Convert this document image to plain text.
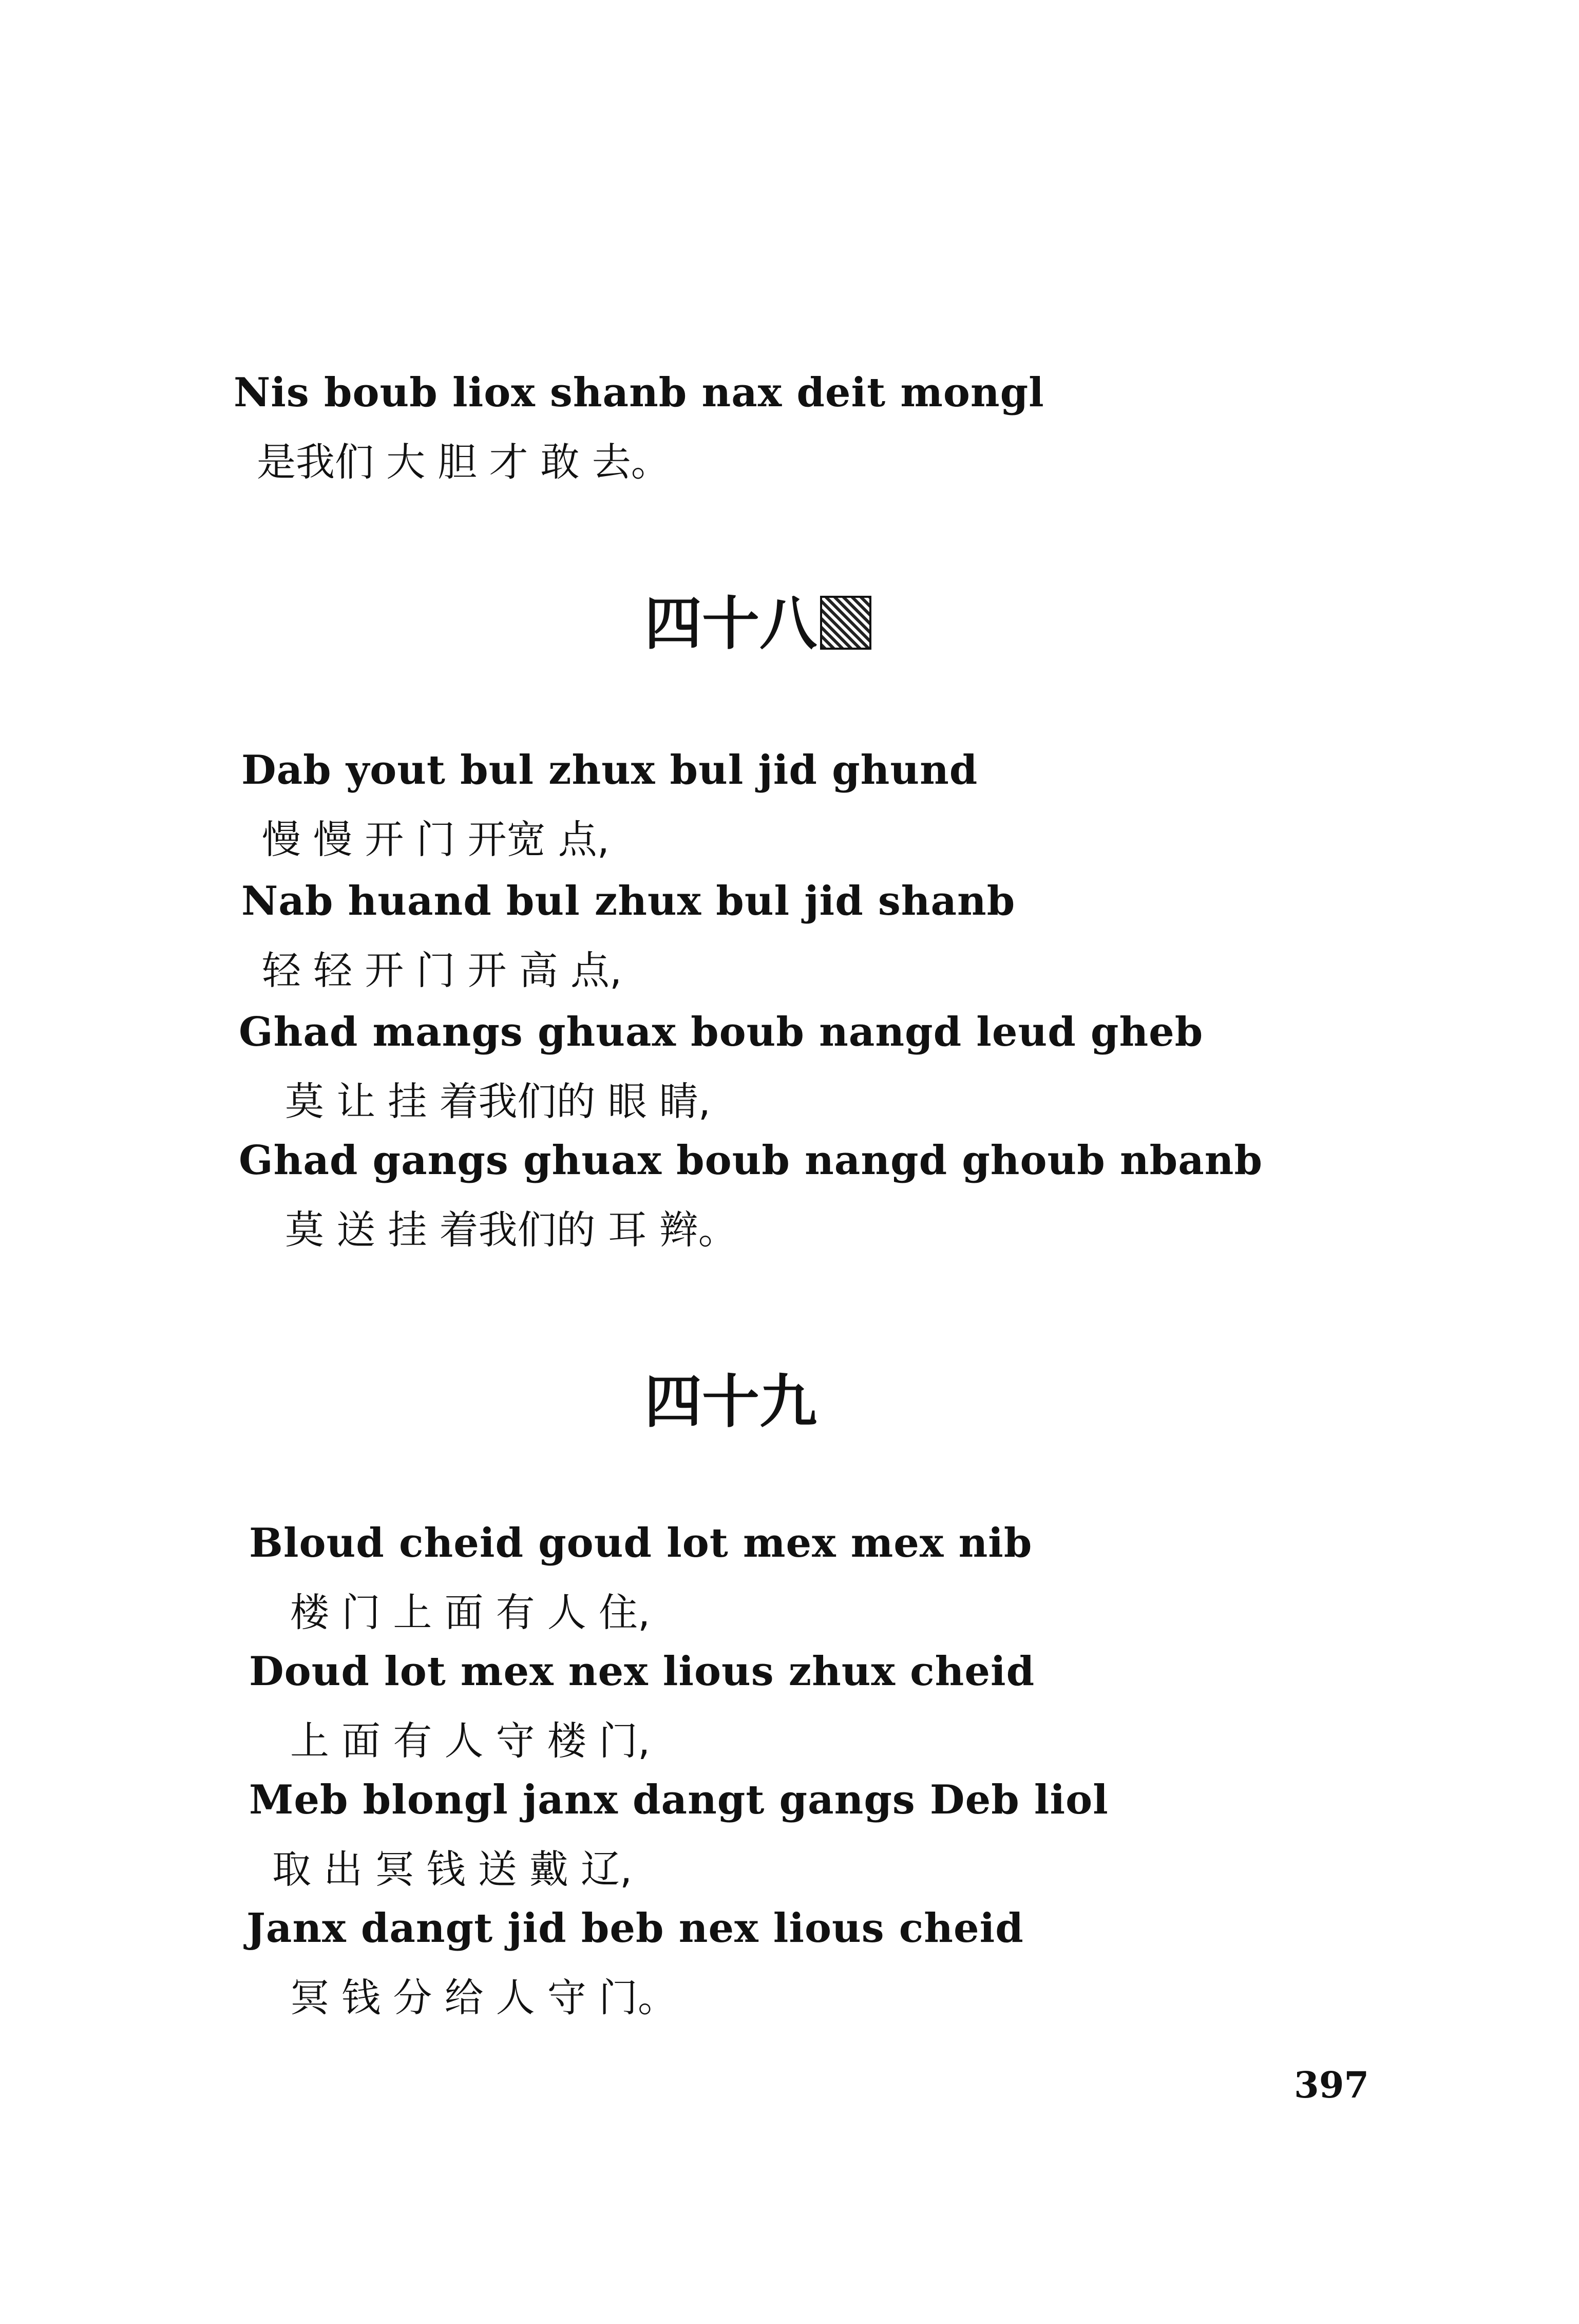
Nis boub liox shanb nax deit mongl
是我们 大 胆 才 敢 去。
四十八
Dab yout bul zhux bul jid ghund
慢 慢 开 门 开宽 点,
Nab huand bul zhux bul jid shanb
轻 轻 开 门 开 高 点,
Ghad mangs ghuax boub nangd leud gheb
莫 让 挂 着我们的 眼 睛,
Ghad gangs ghuax boub nangd ghoub nbanb
莫 送 挂 着我们的 耳 辫。
四十九
Bloud cheid goud lot mex mex nib
楼 门 上 面 有 人 住,
Doud lot mex nex lious zhux cheid
上 面 有 人 守 楼 门,
Meb blongl janx dangt gangs Deb liol
取 出 冥 钱 送 戴 辽,
Janx dangt jid beb nex lious cheid
冥 钱 分 给 人 守 门。
397
